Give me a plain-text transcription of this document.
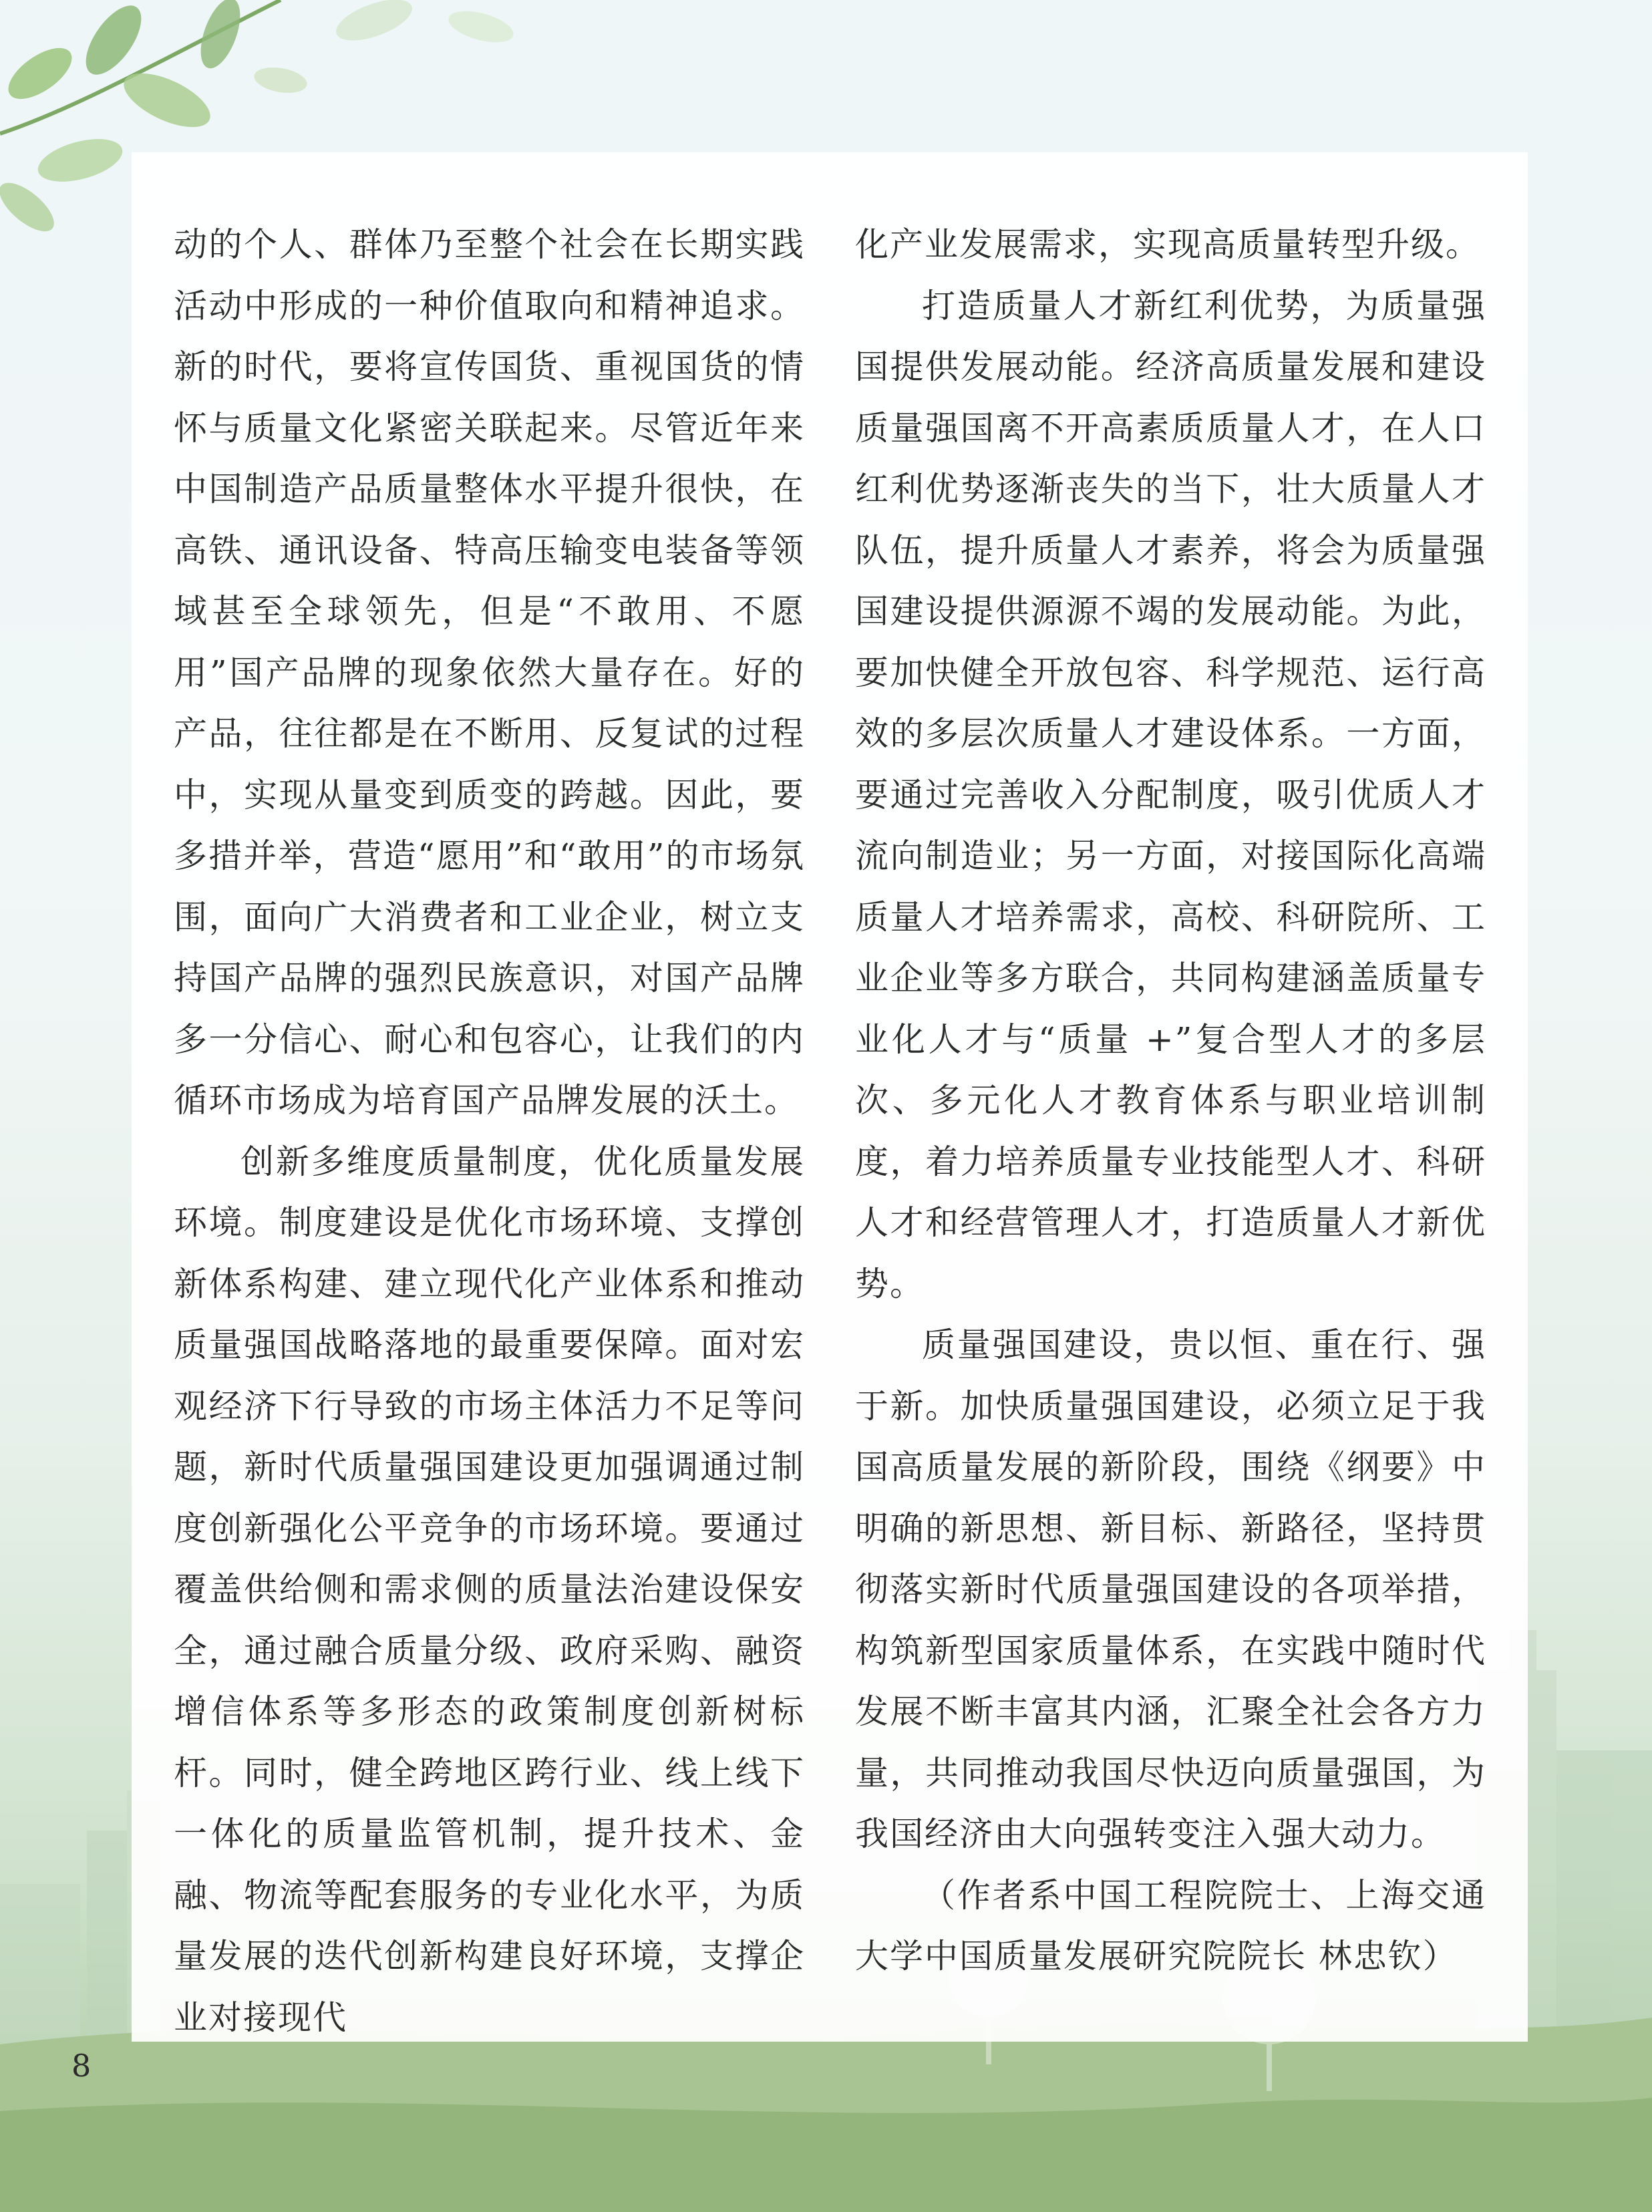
动的个人、群体乃至整个社会在长期实践活动中形成的一种价值取向和精神追求。新的时代，要将宣传国货、重视国货的情怀与质量文化紧密关联起来。尽管近年来中国制造产品质量整体水平提升很快，在高铁、通讯设备、特高压输变电装备等领域甚至全球领先，但是“不敢用、不愿用”国产品牌的现象依然大量存在。好的产品，往往都是在不断用、反复试的过程中，实现从量变到质变的跨越。因此，要多措并举，营造“愿用”和“敢用”的市场氛围，面向广大消费者和工业企业，树立支持国产品牌的强烈民族意识，对国产品牌多一分信心、耐心和包容心，让我们的内循环市场成为培育国产品牌发展的沃土。

创新多维度质量制度，优化质量发展环境。制度建设是优化市场环境、支撑创新体系构建、建立现代化产业体系和推动质量强国战略落地的最重要保障。面对宏观经济下行导致的市场主体活力不足等问题，新时代质量强国建设更加强调通过制度创新强化公平竞争的市场环境。要通过覆盖供给侧和需求侧的质量法治建设保安全，通过融合质量分级、政府采购、融资增信体系等多形态的政策制度创新树标杆。同时，健全跨地区跨行业、线上线下一体化的质量监管机制，提升技术、金融、物流等配套服务的专业化水平，为质量发展的迭代创新构建良好环境，支撑企业对接现代

化产业发展需求，实现高质量转型升级。

打造质量人才新红利优势，为质量强国提供发展动能。经济高质量发展和建设质量强国离不开高素质质量人才，在人口红利优势逐渐丧失的当下，壮大质量人才队伍，提升质量人才素养，将会为质量强国建设提供源源不竭的发展动能。为此，要加快健全开放包容、科学规范、运行高效的多层次质量人才建设体系。一方面，要通过完善收入分配制度，吸引优质人才流向制造业；另一方面，对接国际化高端质量人才培养需求，高校、科研院所、工业企业等多方联合，共同构建涵盖质量专业化人才与“质量 +”复合型人才的多层次、多元化人才教育体系与职业培训制度，着力培养质量专业技能型人才、科研人才和经营管理人才，打造质量人才新优势。

质量强国建设，贵以恒、重在行、强于新。加快质量强国建设，必须立足于我国高质量发展的新阶段，围绕《纲要》中明确的新思想、新目标、新路径，坚持贯彻落实新时代质量强国建设的各项举措，构筑新型国家质量体系，在实践中随时代发展不断丰富其内涵，汇聚全社会各方力量，共同推动我国尽快迈向质量强国，为我国经济由大向强转变注入强大动力。

（作者系中国工程院院士、上海交通大学中国质量发展研究院院长 林忠钦）

8
